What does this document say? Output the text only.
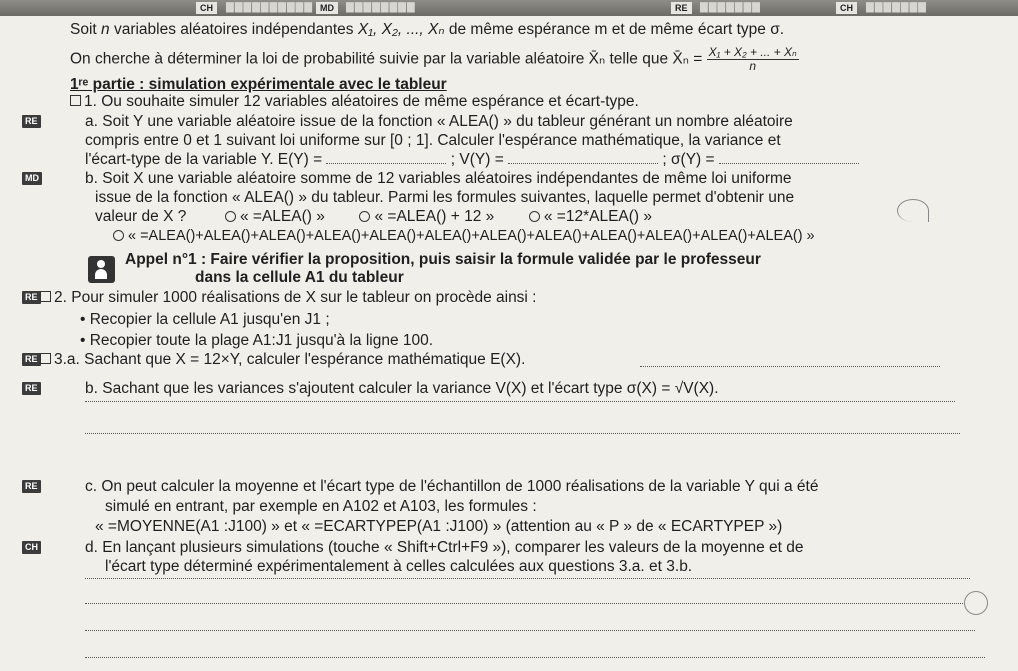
CH	▇▇▇▇▇▇▇▇▇▇ MD	▇▇▇▇▇▇▇▇	RE	▇▇▇▇▇▇▇	CH	▇▇▇▇▇▇▇
Soit n variables aléatoires indépendantes X₁, X₂, ..., Xₙ de même espérance m et de même écart type σ.
On cherche à déterminer la loi de probabilité suivie par la variable aléatoire X̄ₙ telle que X̄ₙ = $\frac{\text{X₁ + X₂ + ... + Xₙ}}{n}$
1ʳᵉ partie : simulation expérimentale avec le tableur
1. Ou souhaite simuler 12 variables aléatoires de même espérance et écart-type.
RE	a. Soit Y une variable aléatoire issue de la fonction « ALEA() » du tableur générant un nombre aléatoire
compris entre 0 et 1 suivant loi uniforme sur [0 ; 1]. Calculer l'espérance mathématique, la variance et
l'écart-type de la variable Y. E(Y) =	; V(Y) =	; σ(Y) =
MD	b. Soit X une variable aléatoire somme de 12 variables aléatoires indépendantes de même loi uniforme
issue de la fonction « ALEA() » du tableur. Parmi les formules suivantes, laquelle permet d'obtenir une
valeur de X ?	« =ALEA() »	« =ALEA() + 12 »	« =12*ALEA() »
« =ALEA()+ALEA()+ALEA()+ALEA()+ALEA()+ALEA()+ALEA()+ALEA()+ALEA()+ALEA()+ALEA()+ALEA() »
Appel n°1 : Faire vérifier la proposition, puis saisir la formule validée par le professeur
dans la cellule A1 du tableur
RE	2. Pour simuler 1000 réalisations de X sur le tableur on procède ainsi :
• Recopier la cellule A1 jusqu'en J1 ;
• Recopier toute la plage A1:J1 jusqu'à la ligne 100.
RE	3.a. Sachant que X = 12×Y, calculer l'espérance mathématique E(X).
RE	b. Sachant que les variances s'ajoutent calculer la variance V(X) et l'écart type σ(X) = √V(X).
RE	c. On peut calculer la moyenne et l'écart type de l'échantillon de 1000 réalisations de la variable Y qui a été
simulé en entrant, par exemple en A102 et A103, les formules :
« =MOYENNE(A1 :J100) » et « =ECARTYPEP(A1 :J100) » (attention au « P » de « ECARTYPEP »)
CH	d. En lançant plusieurs simulations (touche « Shift+Ctrl+F9 »), comparer les valeurs de la moyenne et de
l'écart type déterminé expérimentalement à celles calculées aux questions 3.a. et 3.b.
